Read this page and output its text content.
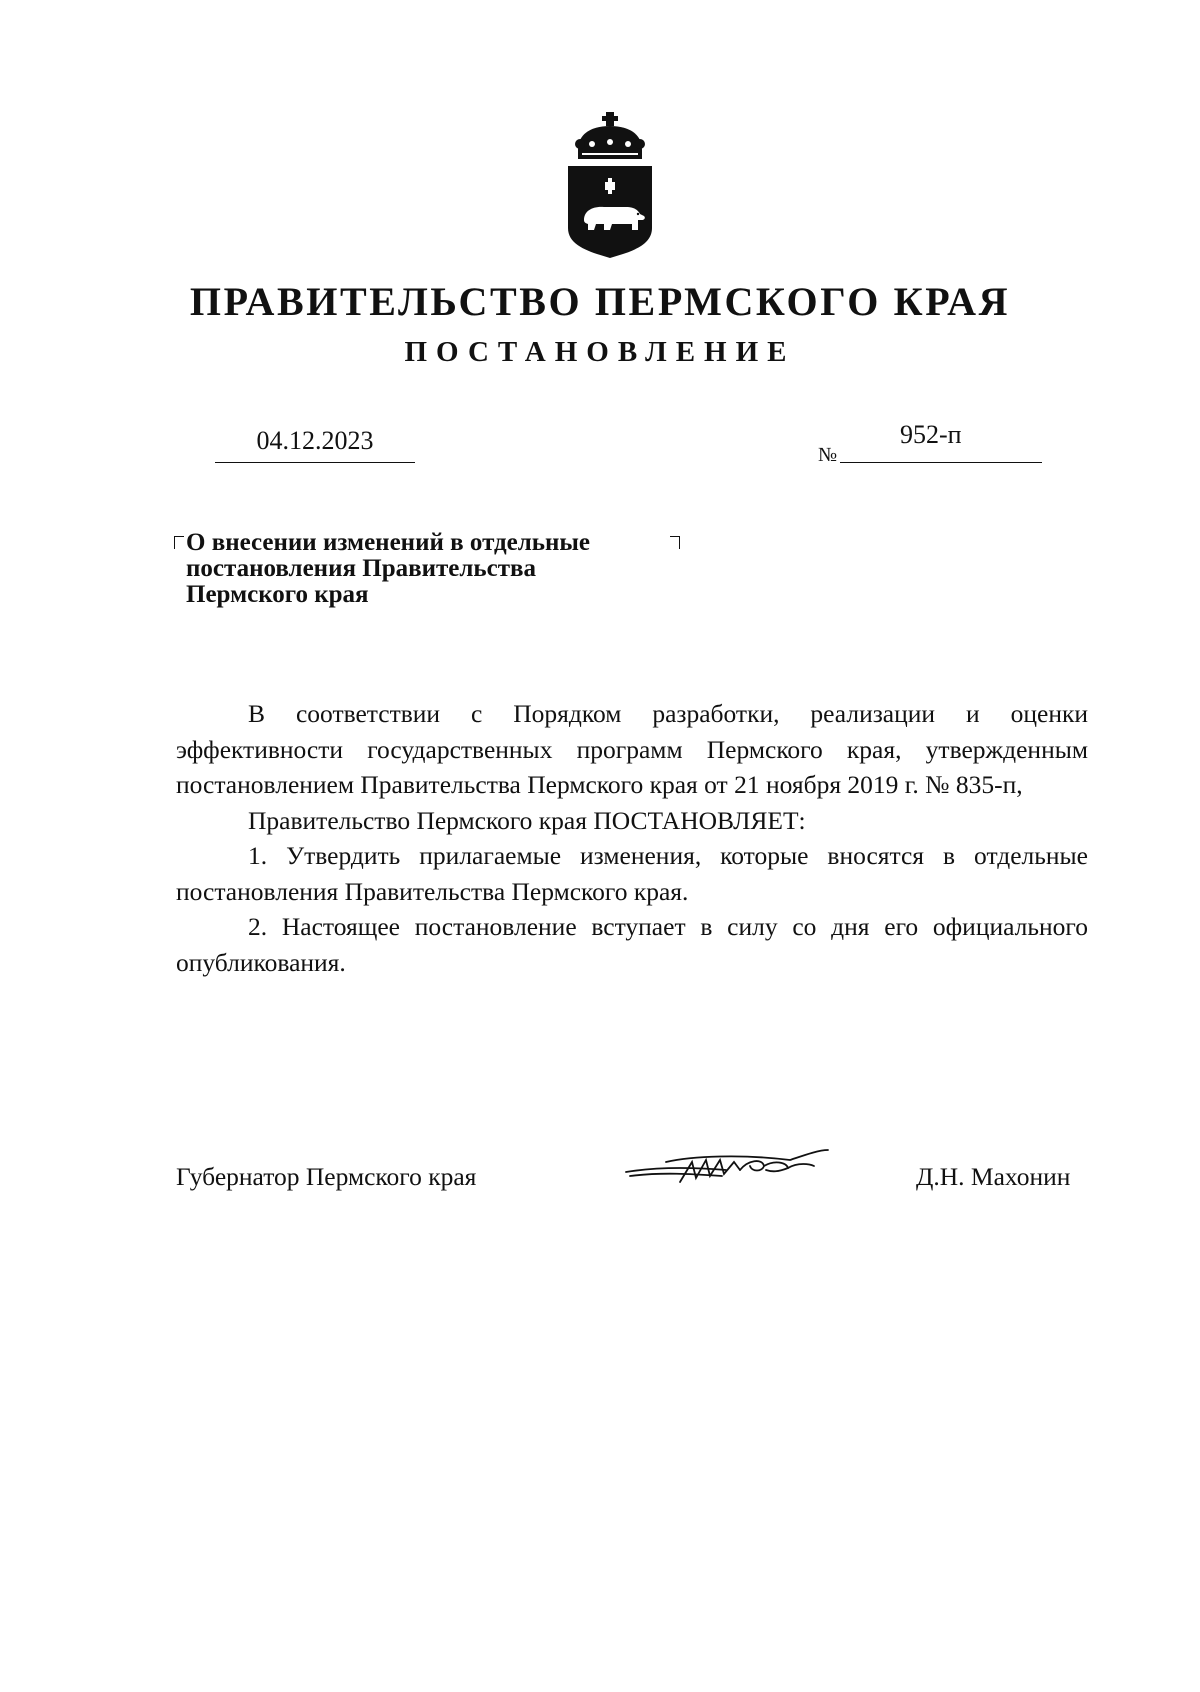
ПРАВИТЕЛЬСТВО ПЕРМСКОГО КРАЯ
ПОСТАНОВЛЕНИЕ
04.12.2023	№
952-п
О внесении изменений в отдельные
постановления Правительства
Пермского края

В соответствии с Порядком разработки, реализации и оценки эффективности государственных программ Пермского края, утвержденным постановлением Правительства Пермского края от 21 ноября 2019 г. № 835-п,

Правительство Пермского края ПОСТАНОВЛЯЕТ:

1. Утвердить прилагаемые изменения, которые вносятся в отдельные постановления Правительства Пермского края.

2. Настоящее постановление вступает в силу со дня его официального опубликования.

Губернатор Пермского края	Д.Н. Махонин
